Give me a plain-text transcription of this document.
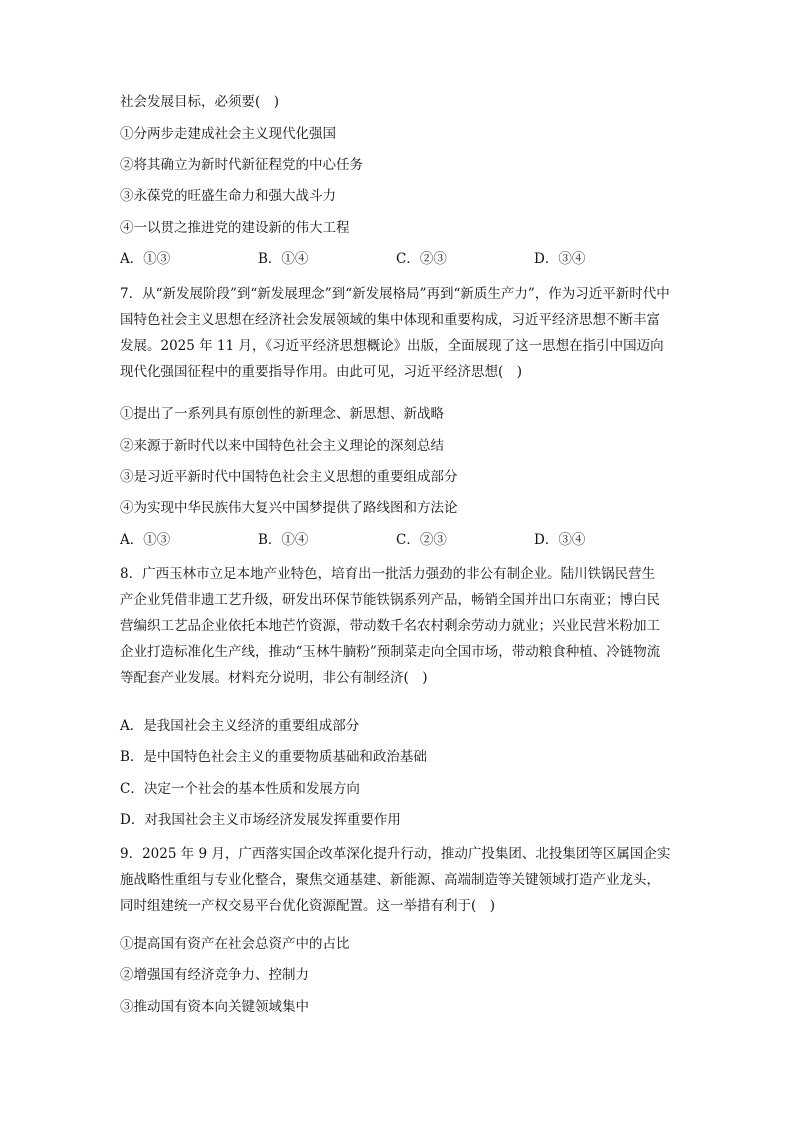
社会发展目标，必须要(　)
①分两步走建成社会主义现代化强国
②将其确立为新时代新征程党的中心任务
③永葆党的旺盛生命力和强大战斗力
④一以贯之推进党的建设新的伟大工程
A．①③	B．①④	C．②③	D．③④
7．从“新发展阶段”到“新发展理念”到“新发展格局”再到“新质生产力”，作为习近平新时代中
国特色社会主义思想在经济社会发展领域的集中体现和重要构成，习近平经济思想不断丰富
发展。2025 年 11 月，《习近平经济思想概论》出版，全面展现了这一思想在指引中国迈向
现代化强国征程中的重要指导作用。由此可见，习近平经济思想(　)
①提出了一系列具有原创性的新理念、新思想、新战略
②来源于新时代以来中国特色社会主义理论的深刻总结
③是习近平新时代中国特色社会主义思想的重要组成部分
④为实现中华民族伟大复兴中国梦提供了路线图和方法论
A．①③	B．①④	C．②③	D．③④
8．广西玉林市立足本地产业特色，培育出一批活力强劲的非公有制企业。陆川铁锅民营生
产企业凭借非遗工艺升级，研发出环保节能铁锅系列产品，畅销全国并出口东南亚；博白民
营编织工艺品企业依托本地芒竹资源，带动数千名农村剩余劳动力就业；兴业民营米粉加工
企业打造标准化生产线，推动“玉林牛腩粉”预制菜走向全国市场，带动粮食种植、冷链物流
等配套产业发展。材料充分说明，非公有制经济(　)
A．是我国社会主义经济的重要组成部分
B．是中国特色社会主义的重要物质基础和政治基础
C．决定一个社会的基本性质和发展方向
D．对我国社会主义市场经济发展发挥重要作用
9．2025 年 9 月，广西落实国企改革深化提升行动，推动广投集团、北投集团等区属国企实
施战略性重组与专业化整合，聚焦交通基建、新能源、高端制造等关键领域打造产业龙头，
同时组建统一产权交易平台优化资源配置。这一举措有利于(　)
①提高国有资产在社会总资产中的占比
②增强国有经济竞争力、控制力
③推动国有资本向关键领域集中
